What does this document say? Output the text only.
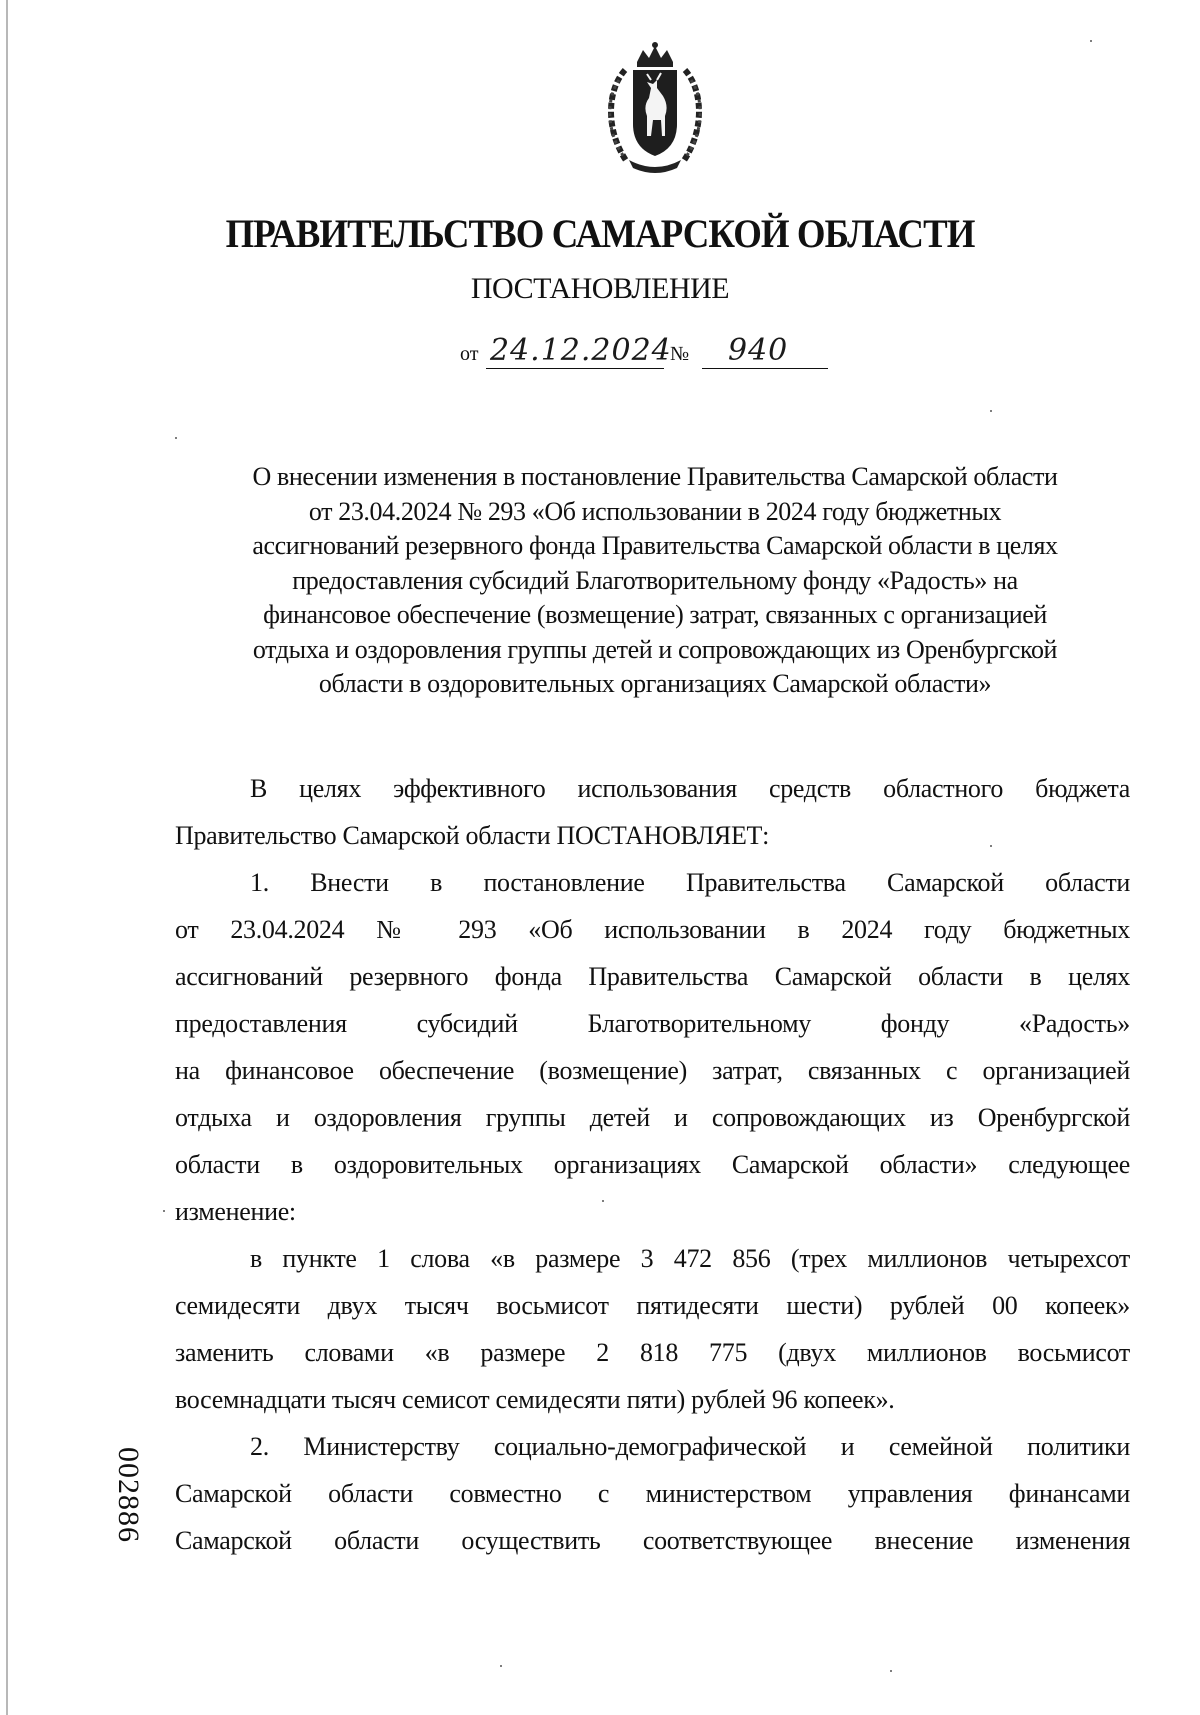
ПРАВИТЕЛЬСТВО САМАРСКОЙ ОБЛАСТИ
ПОСТАНОВЛЕНИЕ
от 24.12.2024
№ 940
О внесении изменения в постановление Правительства Самарской области
от 23.04.2024 № 293 «Об использовании в 2024 году бюджетных
ассигнований резервного фонда Правительства Самарской области в целях
предоставления субсидий Благотворительному фонду «Радость» на
финансовое обеспечение (возмещение) затрат, связанных с организацией
отдыха и оздоровления группы детей и сопровождающих из Оренбургской
области в оздоровительных организациях Самарской области»
В целях эффективного использования средств областного бюджета
Правительство Самарской области ПОСТАНОВЛЯЕТ:
1. Внести в постановление Правительства Самарской области
от 23.04.2024 № 293 «Об использовании в 2024 году бюджетных
ассигнований резервного фонда Правительства Самарской области в целях
предоставления субсидий Благотворительному фонду «Радость»
на финансовое обеспечение (возмещение) затрат, связанных с организацией
отдыха и оздоровления группы детей и сопровождающих из Оренбургской
области в оздоровительных организациях Самарской области» следующее
изменение:
в пункте 1 слова «в размере 3 472 856 (трех миллионов четырехсот
семидесяти двух тысяч восьмисот пятидесяти шести) рублей 00 копеек»
заменить словами «в размере 2 818 775 (двух миллионов восьмисот
восемнадцати тысяч семисот семидесяти пяти) рублей 96 копеек».
2. Министерству социально-демографической и семейной политики
Самарской области совместно с министерством управления финансами
Самарской области осуществить соответствующее внесение изменения
002886
